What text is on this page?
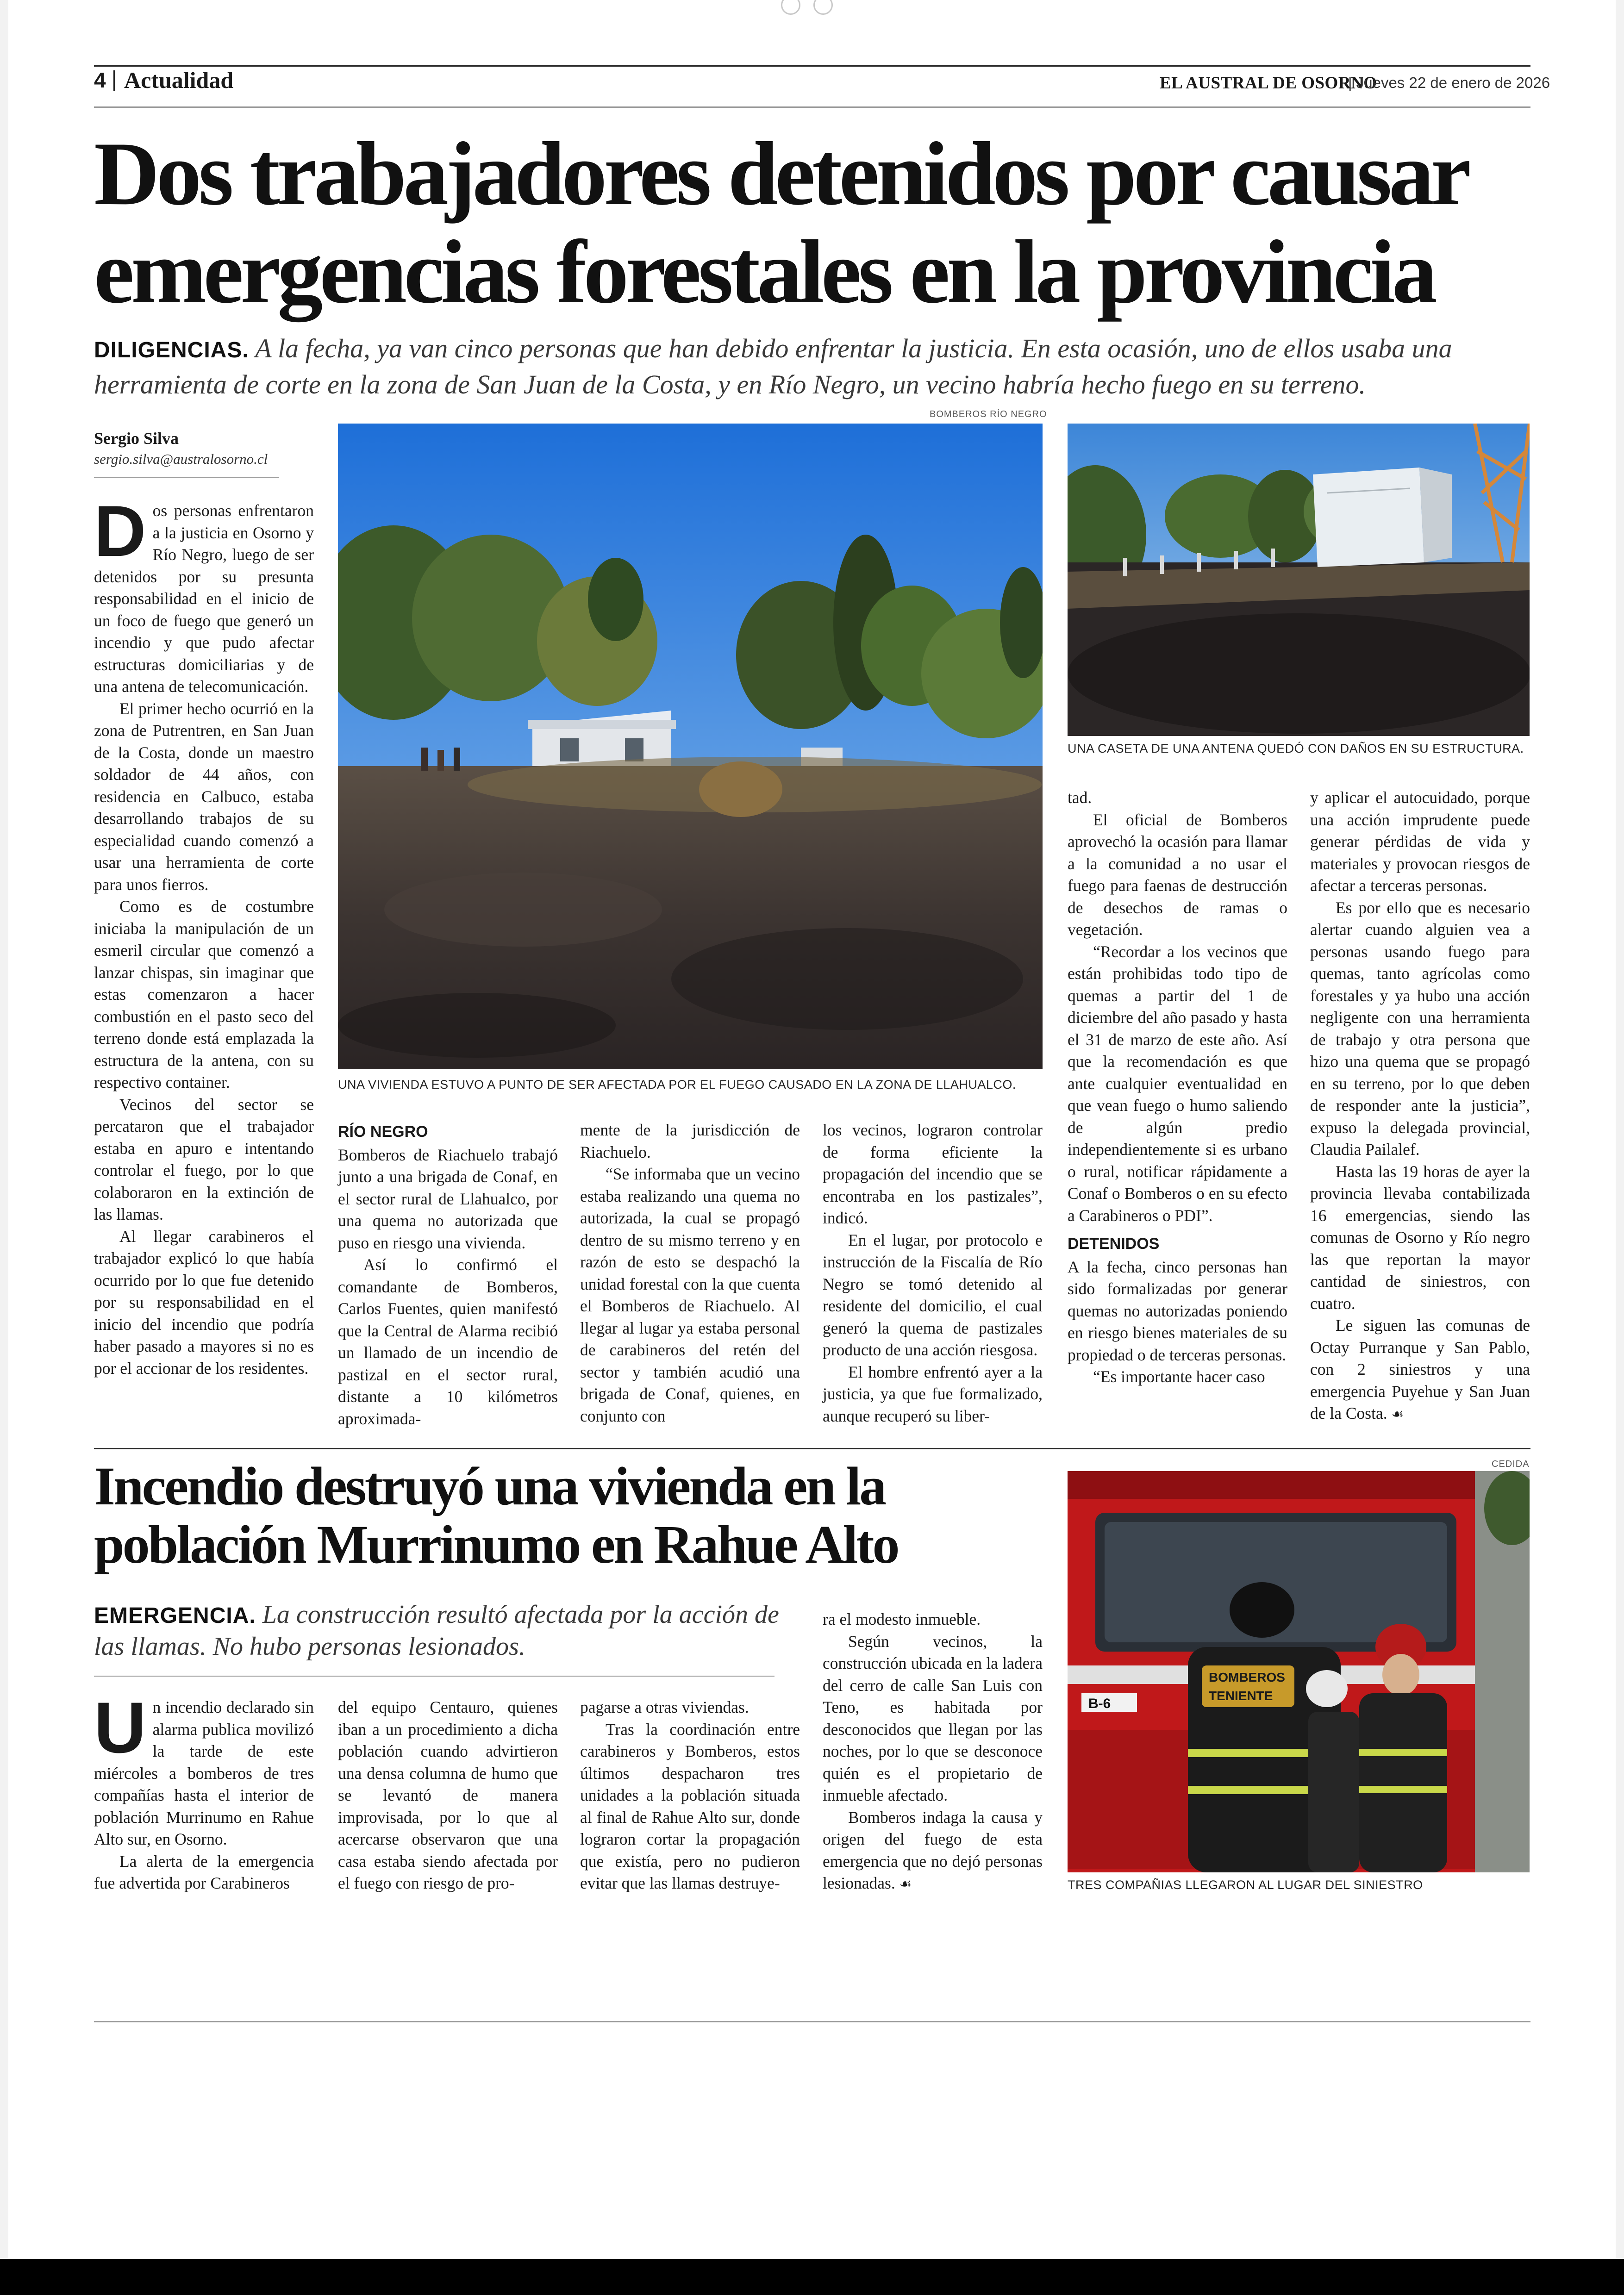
4 Actualidad	EL AUSTRAL DE OSORNO
| Jueves 22 de enero de 2026
Dos trabajadores detenidos por causar
emergencias forestales en la provincia
DILIGENCIAS. A la fecha, ya van cinco personas que han debido enfrentar la justicia. En esta ocasión, uno de ellos usaba una herramienta de corte en la zona de San Juan de la Costa, y en Río Negro, un vecino habría hecho fuego en su terreno.
Sergio Silva
sergio.silva@australosorno.cl
BOMBEROS RÍO NEGRO
UNA VIVIENDA ESTUVO A PUNTO DE SER AFECTADA POR EL FUEGO CAUSADO EN LA ZONA DE LLAHUALCO.
UNA CASETA DE UNA ANTENA QUEDÓ CON DAÑOS EN SU ESTRUCTURA.

Dos personas enfrentaron a la justicia en Osorno y Río Negro, luego de ser detenidos por su presunta responsabilidad en el inicio de un foco de fuego que generó un incendio y que pudo afectar estructuras domiciliarias y de una antena de telecomunicación.

El primer hecho ocurrió en la zona de Putrentren, en San Juan de la Costa, donde un maestro soldador de 44 años, con residencia en Calbuco, estaba desarrollando trabajos de su especialidad cuando comenzó a usar una herramienta de corte para unos fierros.

Como es de costumbre iniciaba la manipulación de un esmeril circular que comenzó a lanzar chispas, sin imaginar que estas comenzaron a hacer combustión en el pasto seco del terreno donde está emplazada la estructura de la antena, con su respectivo container.

Vecinos del sector se percataron que el trabajador estaba en apuro e intentando controlar el fuego, por lo que colaboraron en la extinción de las llamas.

Al llegar carabineros el trabajador explicó lo que había ocurrido por lo que fue detenido por su responsabilidad en el inicio del incendio que podría haber pasado a mayores si no es por el accionar de los residentes.

RÍO NEGRO

Bomberos de Riachuelo trabajó junto a una brigada de Conaf, en el sector rural de Llahualco, por una quema no autorizada que puso en riesgo una vivienda.

Así lo confirmó el comandante de Bomberos, Carlos Fuentes, quien manifestó que la Central de Alarma recibió un llamado de un incendio de pastizal en el sector rural, distante a 10 kilómetros aproximada-

mente de la jurisdicción de Riachuelo.

“Se informaba que un vecino estaba realizando una quema no autorizada, la cual se propagó dentro de su mismo terreno y en razón de esto se despachó la unidad forestal con la que cuenta el Bomberos de Riachuelo. Al llegar al lugar ya estaba personal de carabineros del retén del sector y también acudió una brigada de Conaf, quienes, en conjunto con

los vecinos, lograron controlar de forma eficiente la propagación del incendio que se encontraba en los pastizales”, indicó.

En el lugar, por protocolo e instrucción de la Fiscalía de Río Negro se tomó detenido al residente del domicilio, el cual generó la quema de pastizales producto de una acción riesgosa.

El hombre enfrentó ayer a la justicia, ya que fue formalizado, aunque recuperó su liber-

tad.

El oficial de Bomberos aprovechó la ocasión para llamar a la comunidad a no usar el fuego para faenas de destrucción de desechos de ramas o vegetación.

“Recordar a los vecinos que están prohibidas todo tipo de quemas a partir del 1 de diciembre del año pasado y hasta el 31 de marzo de este año. Así que la recomendación es que ante cualquier eventualidad en que vean fuego o humo saliendo de algún predio independientemente si es urbano o rural, notificar rápidamente a Conaf o Bomberos o en su efecto a Carabineros o PDI”.

DETENIDOS

A la fecha, cinco personas han sido formalizadas por generar quemas no autorizadas poniendo en riesgo bienes materiales de su propiedad o de terceras personas.

“Es importante hacer caso

y aplicar el autocuidado, porque una acción imprudente puede generar pérdidas de vida y materiales y provocan riesgos de afectar a terceras personas.

Es por ello que es necesario alertar cuando alguien vea a personas usando fuego para quemas, tanto agrícolas como forestales y ya hubo una acción negligente con una herramienta de trabajo y otra persona que hizo una quema que se propagó en su terreno, por lo que deben de responder ante la justicia”, expuso la delegada provincial, Claudia Pailalef.

Hasta las 19 horas de ayer la provincia llevaba contabilizada 16 emergencias, siendo las comunas de Osorno y Río negro las que reportan la mayor cantidad de siniestros, con cuatro.

Le siguen las comunas de Octay Purranque y San Pablo, con 2 siniestros y una emergencia Puyehue y San Juan de la Costa. ☙

Incendio destruyó una vivienda en la
población Murrinumo en Rahue Alto
EMERGENCIA. La construcción resultó afectada por la acción de las llamas. No hubo personas lesionados.

Un incendio declarado sin alarma publica movilizó la tarde de este miércoles a bomberos de tres compañías hasta el interior de población Murrinumo en Rahue Alto sur, en Osorno.

La alerta de la emergencia fue advertida por Carabineros

del equipo Centauro, quienes iban a un procedimiento a dicha población cuando advirtieron una densa columna de humo que se levantó de manera improvisada, por lo que al acercarse observaron que una casa estaba siendo afectada por el fuego con riesgo de pro-

pagarse a otras viviendas.

Tras la coordinación entre carabineros y Bomberos, estos últimos despacharon tres unidades a la población situada al final de Rahue Alto sur, donde lograron cortar la propagación que existía, pero no pudieron evitar que las llamas destruye-

ra el modesto inmueble.

Según vecinos, la construcción ubicada en la ladera del cerro de calle San Luis con Teno, es habitada por desconocidos que llegan por las noches, por lo que se desconoce quién es el propietario de inmueble afectado.

Bomberos indaga la causa y origen del fuego de esta emergencia que no dejó personas lesionadas. ☙

CEDIDA
B-6
BOMBEROS
TENIENTE
TRES COMPAÑIAS LLEGARON AL LUGAR DEL SINIESTRO
